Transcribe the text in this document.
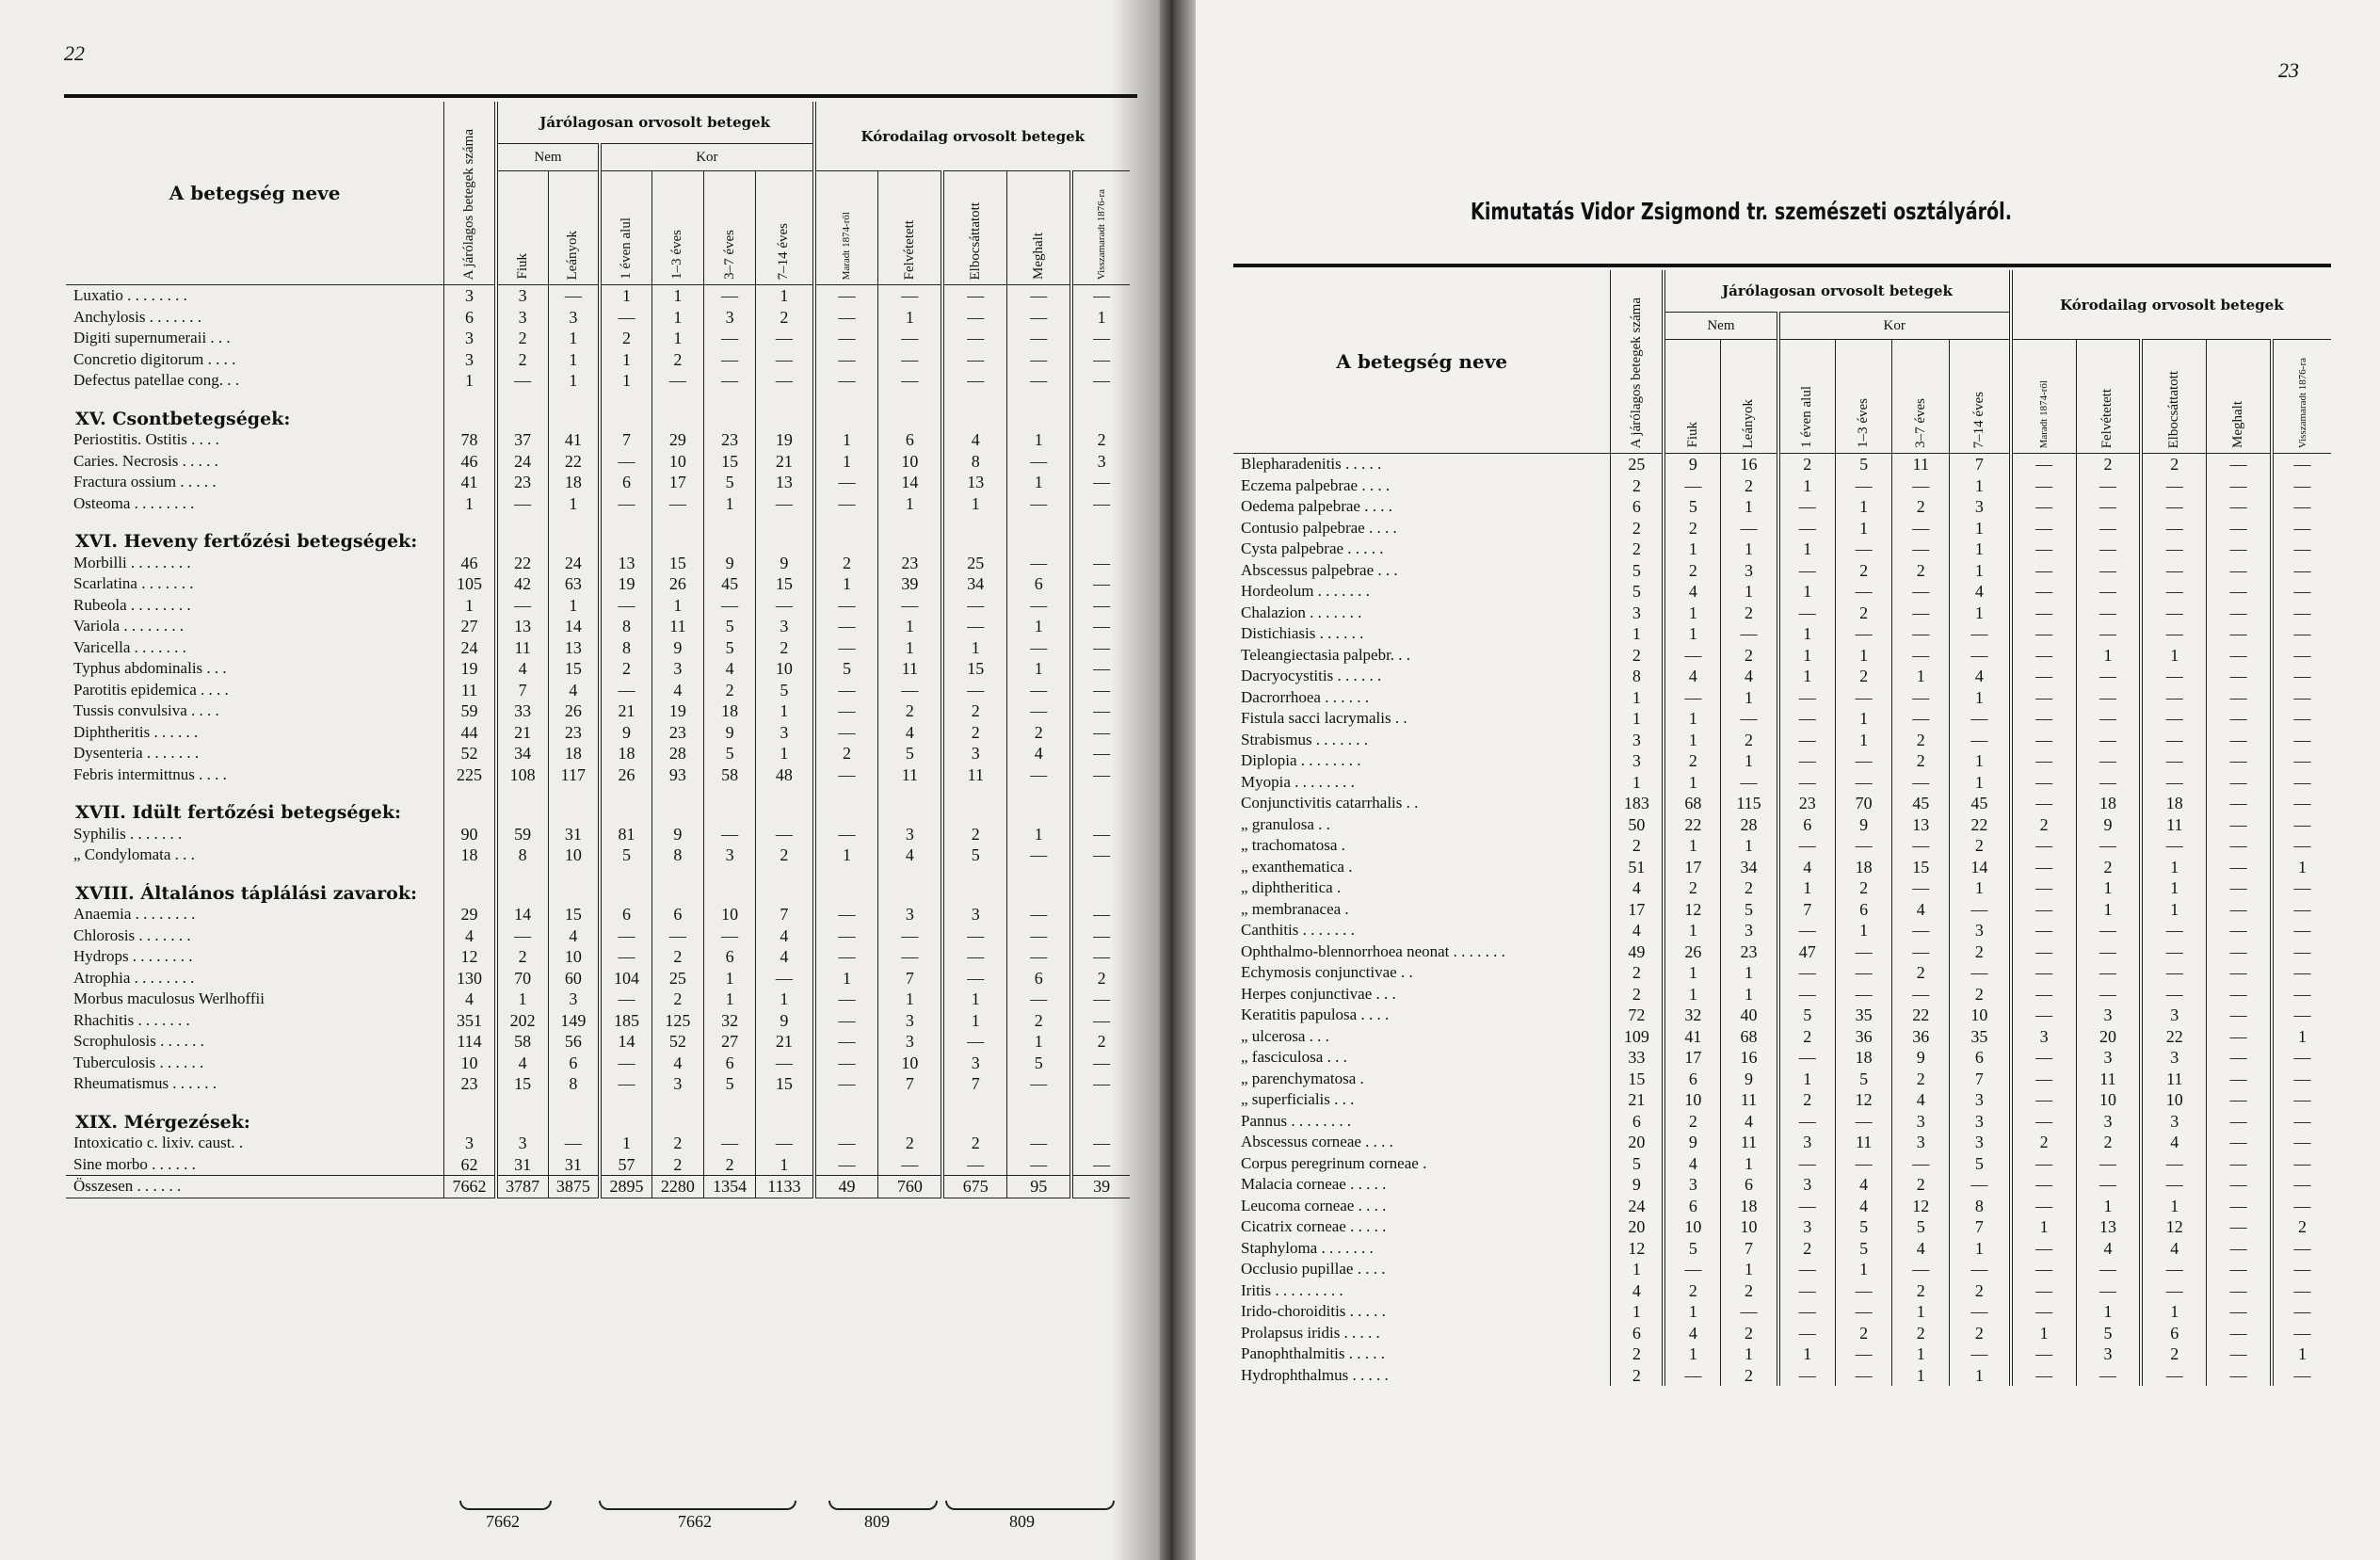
22
A betegség neve	A járólagos betegek száma	Járólagosan orvosolt betegek						Kórodailag orvosolt betegek				
		Nem		Kor								
		Fiuk	Leányok	1 éven alul	1–3 éves	3–7 éves	7–14 éves	Maradt 1874-ről	Felvétetett	Elbocsáttatott	Meghalt	Visszamaradt 1876-ra
Luxatio . . . . . . . .	3	3	—	1	1	—	1	—	—	—	—	—
Anchylosis . . . . . . .	6	3	3	—	1	3	2	—	1	—	—	1
Digiti supernumeraii . . .	3	2	1	2	1	—	—	—	—	—	—	—
Concretio digitorum . . . .	3	2	1	1	2	—	—	—	—	—	—	—
Defectus patellae cong. . .	1	—	1	1	—	—	—	—	—	—	—	—

XV. Csontbetegségek:												
Periostitis. Ostitis . . . .	78	37	41	7	29	23	19	1	6	4	1	2
Caries. Necrosis . . . . .	46	24	22	—	10	15	21	1	10	8	—	3
Fractura ossium . . . . .	41	23	18	6	17	5	13	—	14	13	1	—
Osteoma . . . . . . . .	1	—	1	—	—	1	—	—	1	1	—	—

XVI. Heveny fertőzési betegségek:												
Morbilli . . . . . . . .	46	22	24	13	15	9	9	2	23	25	—	—
Scarlatina . . . . . . .	105	42	63	19	26	45	15	1	39	34	6	—
Rubeola . . . . . . . .	1	—	1	—	1	—	—	—	—	—	—	—
Variola . . . . . . . .	27	13	14	8	11	5	3	—	1	—	1	—
Varicella . . . . . . .	24	11	13	8	9	5	2	—	1	1	—	—
Typhus abdominalis . . .	19	4	15	2	3	4	10	5	11	15	1	—
Parotitis epidemica . . . .	11	7	4	—	4	2	5	—	—	—	—	—
Tussis convulsiva . . . .	59	33	26	21	19	18	1	—	2	2	—	—
Diphtheritis . . . . . .	44	21	23	9	23	9	3	—	4	2	2	—
Dysenteria . . . . . . .	52	34	18	18	28	5	1	2	5	3	4	—
Febris intermittnus . . . .	225	108	117	26	93	58	48	—	11	11	—	—

XVII. Idült fertőzési betegségek:												
Syphilis . . . . . . .	90	59	31	81	9	—	—	—	3	2	1	—
„ Condylomata . . .	18	8	10	5	8	3	2	1	4	5	—	—

XVIII. Általános táplálási zavarok:												
Anaemia . . . . . . . .	29	14	15	6	6	10	7	—	3	3	—	—
Chlorosis . . . . . . .	4	—	4	—	—	—	4	—	—	—	—	—
Hydrops . . . . . . . .	12	2	10	—	2	6	4	—	—	—	—	—
Atrophia . . . . . . . .	130	70	60	104	25	1	—	1	7	—	6	2
Morbus maculosus Werlhoffii	4	1	3	—	2	1	1	—	1	1	—	—
Rhachitis . . . . . . .	351	202	149	185	125	32	9	—	3	1	2	—
Scrophulosis . . . . . .	114	58	56	14	52	27	21	—	3	—	1	2
Tuberculosis . . . . . .	10	4	6	—	4	6	—	—	10	3	5	—
Rheumatismus . . . . . .	23	15	8	—	3	5	15	—	7	7	—	—

XIX. Mérgezések:												
Intoxicatio c. lixiv. caust. .	3	3	—	1	2	—	—	—	2	2	—	—
Sine morbo . . . . . .	62	31	31	57	2	2	1	—	—	—	—	—
Összesen . . . . . .	7662	3787	3875	2895	2280	1354	1133	49	760	675	95	39
7662	7662	809	809
23
Kimutatás Vidor Zsigmond tr. szemészeti osztályáról.
A betegség neve	A járólagos betegek száma	Járólagosan orvosolt betegek						Kórodailag orvosolt betegek				
		Nem		Kor								
		Fiuk	Leányok	1 éven alul	1–3 éves	3–7 éves	7–14 éves	Maradt 1874-ről	Felvétetett	Elbocsáttatott	Meghalt	Visszamaradt 1876-ra
Blepharadenitis . . . . .	25	9	16	2	5	11	7	—	2	2	—	—
Eczema palpebrae . . . .	2	—	2	1	—	—	1	—	—	—	—	—
Oedema palpebrae . . . .	6	5	1	—	1	2	3	—	—	—	—	—
Contusio palpebrae . . . .	2	2	—	—	1	—	1	—	—	—	—	—
Cysta palpebrae . . . . .	2	1	1	1	—	—	1	—	—	—	—	—
Abscessus palpebrae . . .	5	2	3	—	2	2	1	—	—	—	—	—
Hordeolum . . . . . . .	5	4	1	1	—	—	4	—	—	—	—	—
Chalazion . . . . . . .	3	1	2	—	2	—	1	—	—	—	—	—
Distichiasis . . . . . .	1	1	—	1	—	—	—	—	—	—	—	—
Teleangiectasia palpebr. . .	2	—	2	1	1	—	—	—	1	1	—	—
Dacryocystitis . . . . . .	8	4	4	1	2	1	4	—	—	—	—	—
Dacrorrhoea . . . . . .	1	—	1	—	—	—	1	—	—	—	—	—
Fistula sacci lacrymalis . .	1	1	—	—	1	—	—	—	—	—	—	—
Strabismus . . . . . . .	3	1	2	—	1	2	—	—	—	—	—	—
Diplopia . . . . . . . .	3	2	1	—	—	2	1	—	—	—	—	—
Myopia . . . . . . . .	1	1	—	—	—	—	1	—	—	—	—	—
Conjunctivitis catarrhalis . .	183	68	115	23	70	45	45	—	18	18	—	—
„ granulosa . .	50	22	28	6	9	13	22	2	9	11	—	—
„ trachomatosa .	2	1	1	—	—	—	2	—	—	—	—	—
„ exanthematica .	51	17	34	4	18	15	14	—	2	1	—	1
„ diphtheritica .	4	2	2	1	2	—	1	—	1	1	—	—
„ membranacea .	17	12	5	7	6	4	—	—	1	1	—	—
Canthitis . . . . . . .	4	1	3	—	1	—	3	—	—	—	—	—
Ophthalmo-blennorrhoea neonat . . . . . . .	49	26	23	47	—	—	2	—	—	—	—	—
Echymosis conjunctivae . .	2	1	1	—	—	2	—	—	—	—	—	—
Herpes conjunctivae . . .	2	1	1	—	—	—	2	—	—	—	—	—
Keratitis papulosa . . . .	72	32	40	5	35	22	10	—	3	3	—	—
„ ulcerosa . . .	109	41	68	2	36	36	35	3	20	22	—	1
„ fasciculosa . . .	33	17	16	—	18	9	6	—	3	3	—	—
„ parenchymatosa .	15	6	9	1	5	2	7	—	11	11	—	—
„ superficialis . . .	21	10	11	2	12	4	3	—	10	10	—	—
Pannus . . . . . . . .	6	2	4	—	—	3	3	—	3	3	—	—
Abscessus corneae . . . .	20	9	11	3	11	3	3	2	2	4	—	—
Corpus peregrinum corneae .	5	4	1	—	—	—	5	—	—	—	—	—
Malacia corneae . . . . .	9	3	6	3	4	2	—	—	—	—	—	—
Leucoma corneae . . . .	24	6	18	—	4	12	8	—	1	1	—	—
Cicatrix corneae . . . . .	20	10	10	3	5	5	7	1	13	12	—	2
Staphyloma . . . . . . .	12	5	7	2	5	4	1	—	4	4	—	—
Occlusio pupillae . . . .	1	—	1	—	1	—	—	—	—	—	—	—
Iritis . . . . . . . . .	4	2	2	—	—	2	2	—	—	—	—	—
Irido-choroiditis . . . . .	1	1	—	—	—	1	—	—	1	1	—	—
Prolapsus iridis . . . . .	6	4	2	—	2	2	2	1	5	6	—	—
Panophthalmitis . . . . .	2	1	1	1	—	1	—	—	3	2	—	1
Hydrophthalmus . . . . .	2	—	2	—	—	1	1	—	—	—	—	—
